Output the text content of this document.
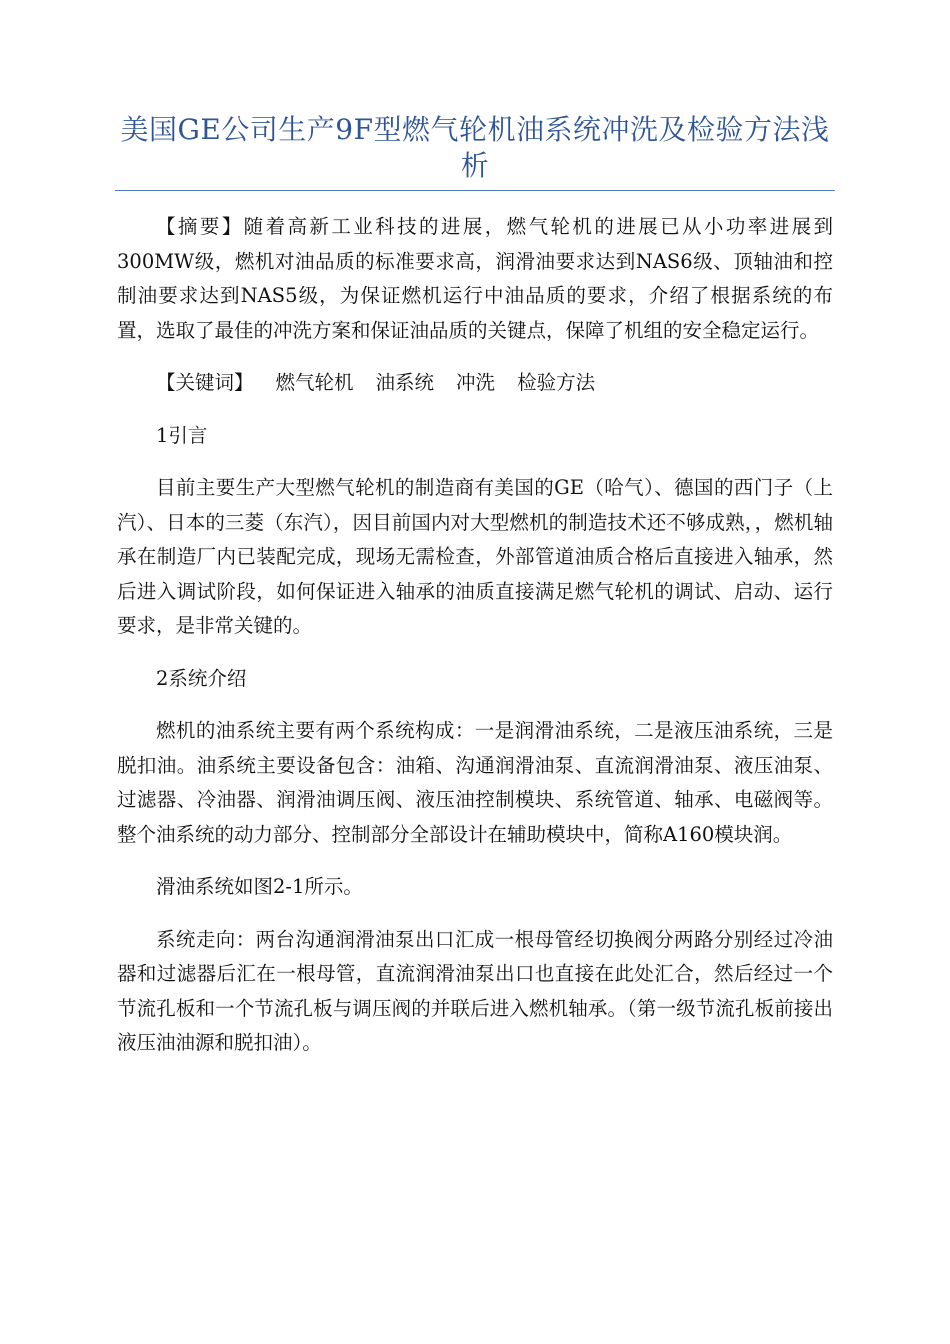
美国GE公司生产9F型燃气轮机油系统冲洗及检验方法浅析

【摘要】随着高新工业科技的进展，燃气轮机的进展已从小功率进展到300MW级，燃机对油品质的标准要求高，润滑油要求达到NAS6级、顶轴油和控制油要求达到NAS5级，为保证燃机运行中油品质的要求，介绍了根据系统的布置，选取了最佳的冲洗方案和保证油品质的关键点，保障了机组的安全稳定运行。

【关键词】 燃气轮机 油系统 冲洗 检验方法

1引言

目前主要生产大型燃气轮机的制造商有美国的GE（哈气）、德国的西门子（上汽）、日本的三菱（东汽），因目前国内对大型燃机的制造技术还不够成熟，，燃机轴承在制造厂内已装配完成，现场无需检查，外部管道油质合格后直接进入轴承，然后进入调试阶段，如何保证进入轴承的油质直接满足燃气轮机的调试、启动、运行要求，是非常关键的。

2系统介绍

燃机的油系统主要有两个系统构成：一是润滑油系统，二是液压油系统，三是脱扣油。油系统主要设备包含：油箱、沟通润滑油泵、直流润滑油泵、液压油泵、过滤器、冷油器、润滑油调压阀、液压油控制模块、系统管道、轴承、电磁阀等。整个油系统的动力部分、控制部分全部设计在辅助模块中，简称A160模块润。

滑油系统如图2-1所示。

系统走向：两台沟通润滑油泵出口汇成一根母管经切换阀分两路分别经过冷油器和过滤器后汇在一根母管，直流润滑油泵出口也直接在此处汇合，然后经过一个节流孔板和一个节流孔板与调压阀的并联后进入燃机轴承。（第一级节流孔板前接出液压油油源和脱扣油）。
